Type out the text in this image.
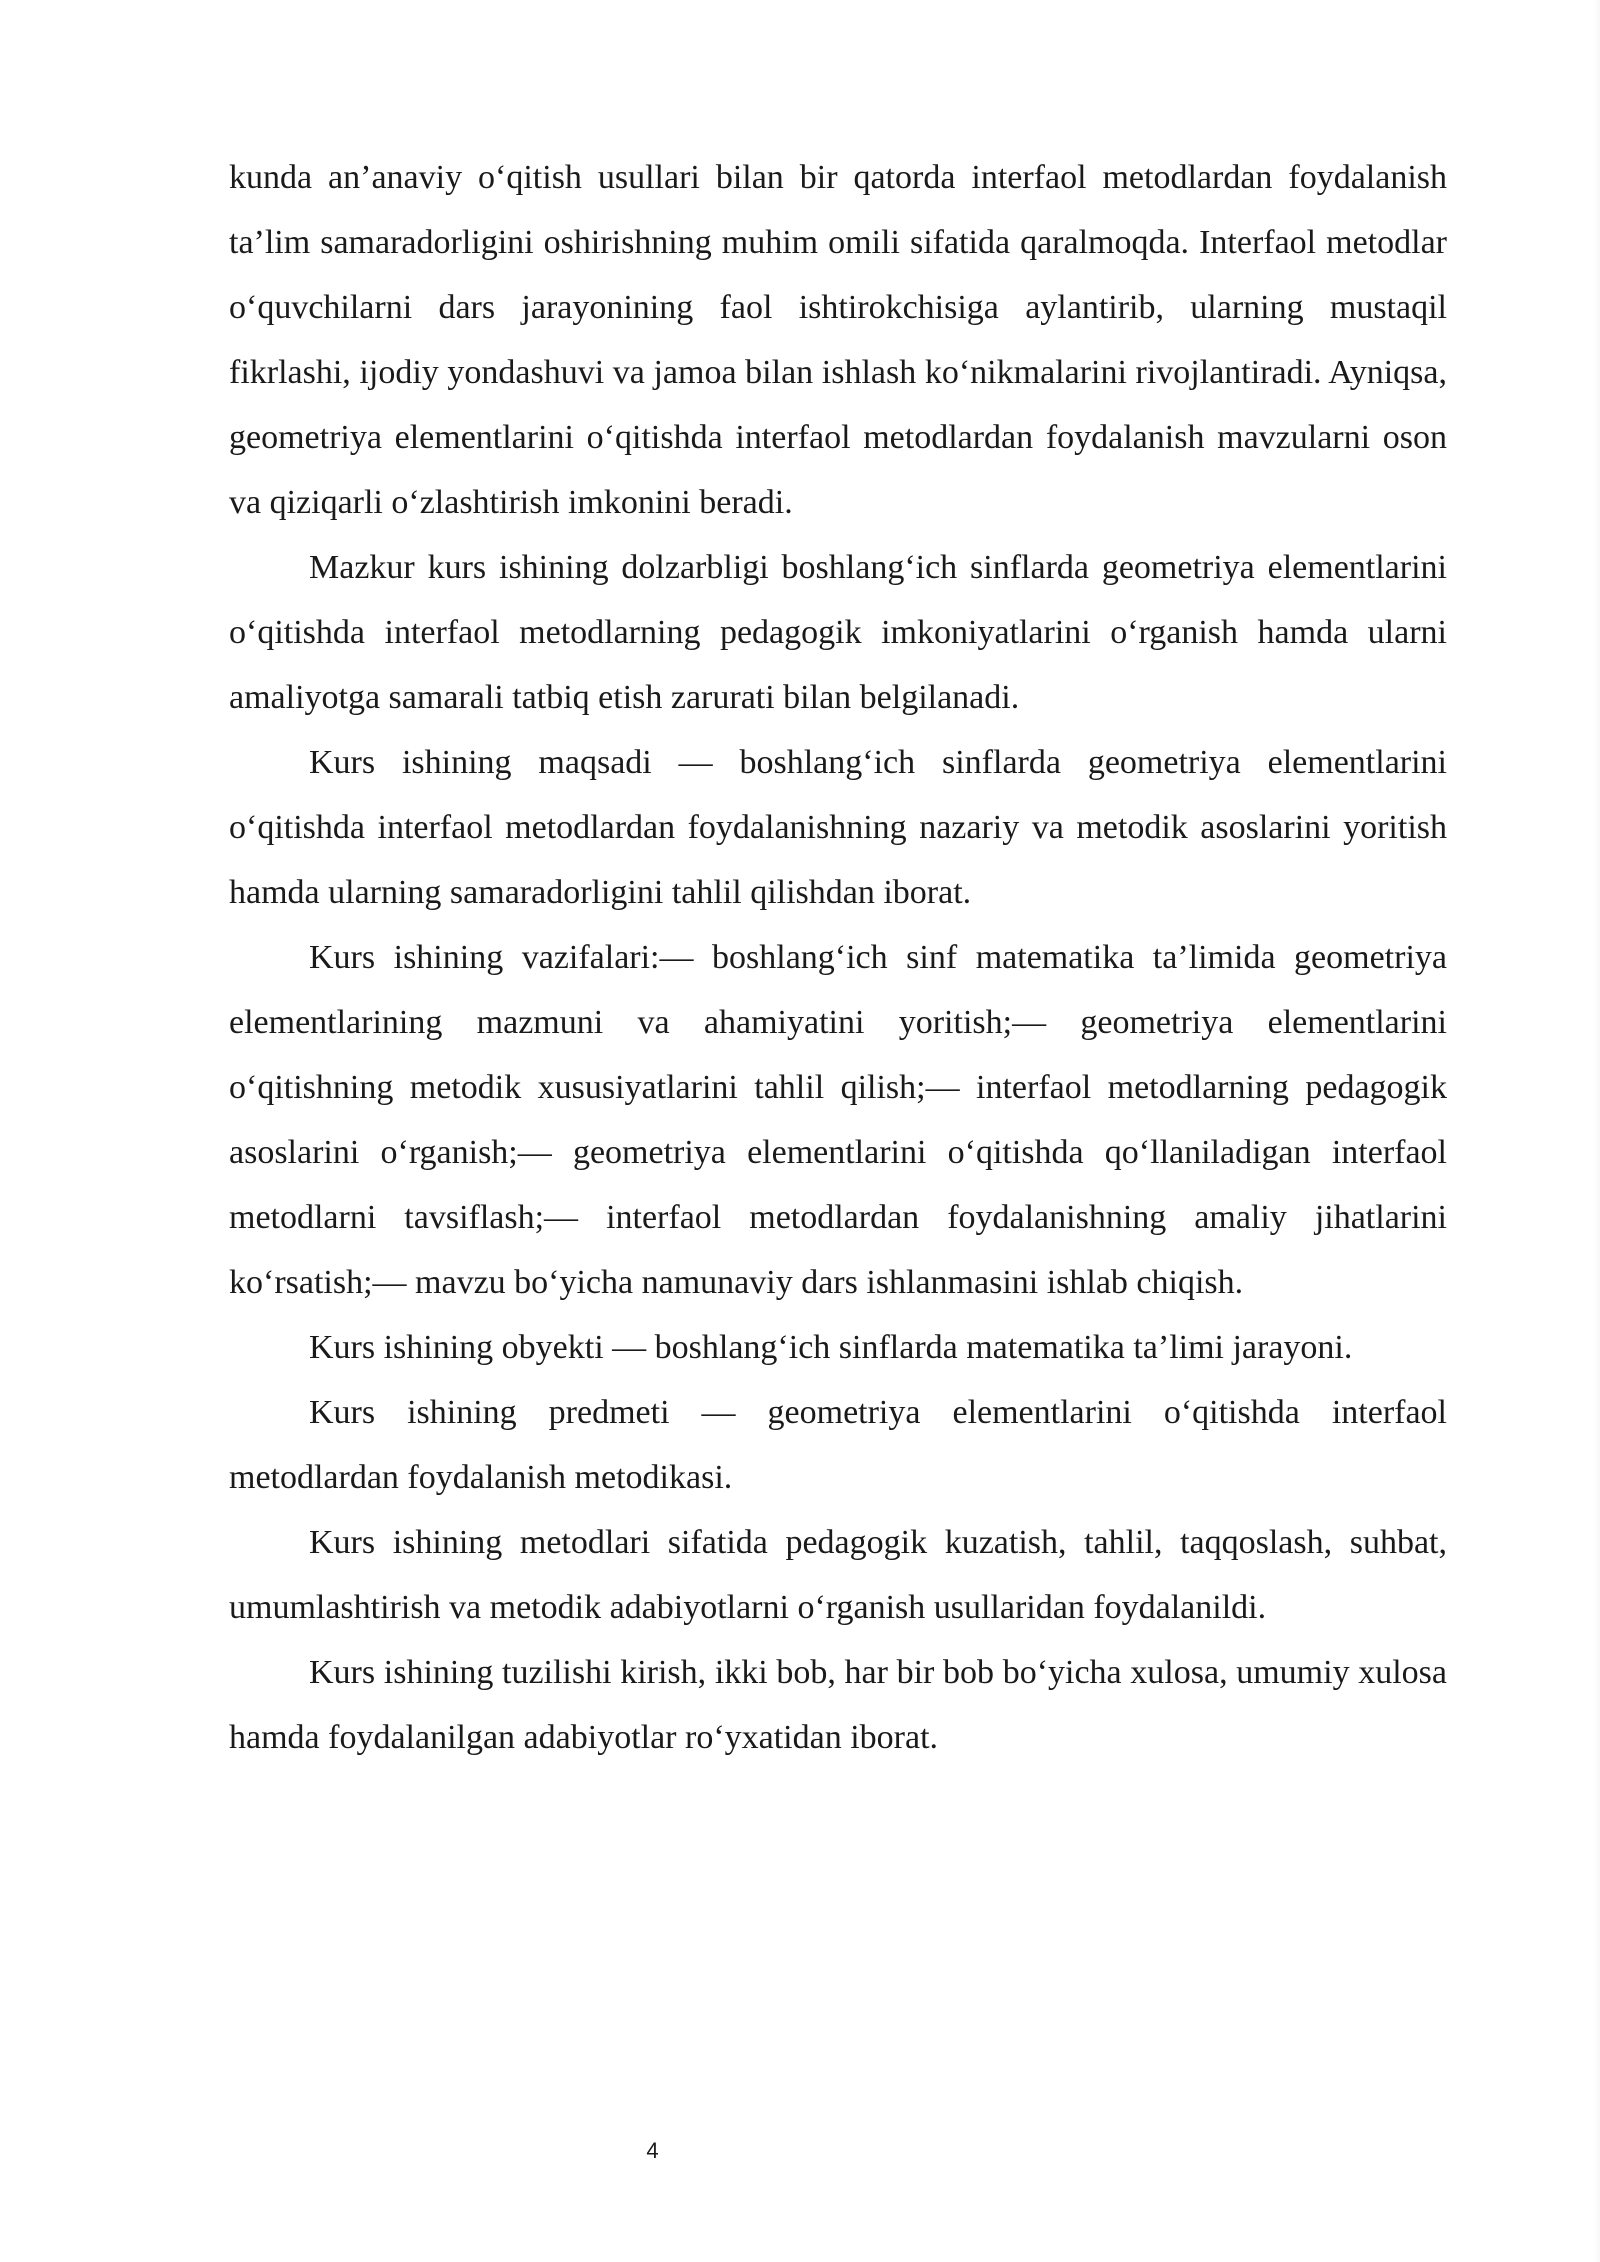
kunda an’anaviy o‘qitish usullari bilan bir qatorda interfaol metodlardan foydalanish ta’lim samaradorligini oshirishning muhim omili sifatida qaralmoqda. Interfaol metodlar o‘quvchilarni dars jarayonining faol ishtirokchisiga aylantirib, ularning mustaqil fikrlashi, ijodiy yondashuvi va jamoa bilan ishlash ko‘nikmalarini rivojlantiradi. Ayniqsa, geometriya elementlarini o‘qitishda interfaol metodlardan foydalanish mavzularni oson va qiziqarli o‘zlashtirish imkonini beradi.

Mazkur kurs ishining dolzarbligi boshlang‘ich sinflarda geometriya elementlarini o‘qitishda interfaol metodlarning pedagogik imkoniyatlarini o‘rganish hamda ularni amaliyotga samarali tatbiq etish zarurati bilan belgilanadi.

Kurs ishining maqsadi — boshlang‘ich sinflarda geometriya elementlarini o‘qitishda interfaol metodlardan foydalanishning nazariy va metodik asoslarini yoritish hamda ularning samaradorligini tahlil qilishdan iborat.

Kurs ishining vazifalari:— boshlang‘ich sinf matematika ta’limida geometriya elementlarining mazmuni va ahamiyatini yoritish;— geometriya elementlarini o‘qitishning metodik xususiyatlarini tahlil qilish;— interfaol metodlarning pedagogik asoslarini o‘rganish;— geometriya elementlarini o‘qitishda qo‘llaniladigan interfaol metodlarni tavsiflash;— interfaol metodlardan foydalanishning amaliy jihatlarini ko‘rsatish;— mavzu bo‘yicha namunaviy dars ishlanmasini ishlab chiqish.

Kurs ishining obyekti — boshlang‘ich sinflarda matematika ta’limi jarayoni.

Kurs ishining predmeti — geometriya elementlarini o‘qitishda interfaol metodlardan foydalanish metodikasi.

Kurs ishining metodlari sifatida pedagogik kuzatish, tahlil, taqqoslash, suhbat, umumlashtirish va metodik adabiyotlarni o‘rganish usullaridan foydalanildi.

Kurs ishining tuzilishi kirish, ikki bob, har bir bob bo‘yicha xulosa, umumiy xulosa hamda foydalanilgan adabiyotlar ro‘yxatidan iborat.

4
